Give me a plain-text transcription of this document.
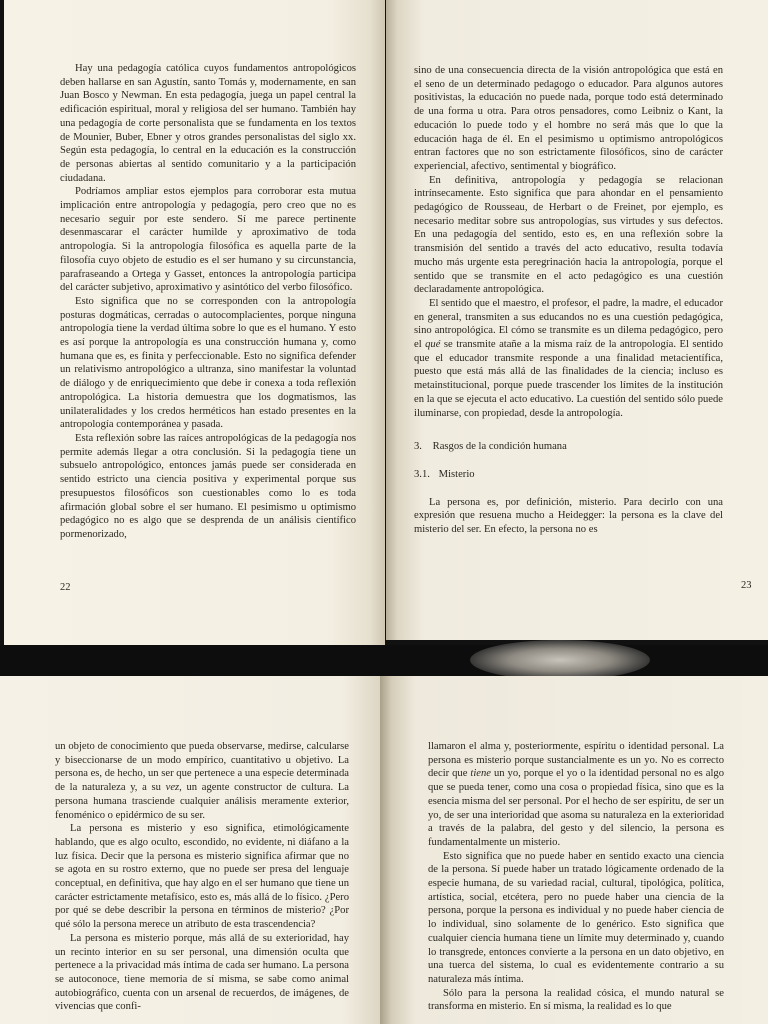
Hay una pedagogía católica cuyos fundamentos antropológicos deben hallarse en san Agustín, santo Tomás y, modernamente, en san Juan Bosco y Newman. En esta pedagogía, juega un papel central la edificación espiritual, moral y religiosa del ser humano. También hay una pedagogía de corte personalista que se fundamenta en los textos de Mounier, Buber, Ebner y otros grandes personalistas del siglo xx. Según esta pedagogía, lo central en la educación es la construcción de personas abiertas al sentido comunitario y a la participación ciudadana.

Podríamos ampliar estos ejemplos para corroborar esta mutua implicación entre antropología y pedagogía, pero creo que no es necesario seguir por este sendero. Sí me parece pertinente desenmascarar el carácter humilde y aproximativo de toda antropología. Si la antropología filosófica es aquella parte de la filosofía cuyo objeto de estudio es el ser humano y su circunstancia, parafraseando a Ortega y Gasset, entonces la antropología participa del carácter subjetivo, aproximativo y asintótico del verbo filosófico.

Esto significa que no se corresponden con la antropología posturas dogmáticas, cerradas o autocomplacientes, porque ninguna antropología tiene la verdad última sobre lo que es el humano. Y esto es así porque la antropología es una construcción humana y, como humana que es, es finita y perfeccionable. Esto no significa defender un relativismo antropológico a ultranza, sino manifestar la voluntad de diálogo y de enriquecimiento que debe ir conexa a toda reflexión antropológica. La historia demuestra que los dogmatismos, las unilateralidades y los credos herméticos han estado presentes en la antropología contemporánea y pasada.

Esta reflexión sobre las raíces antropológicas de la pedagogía nos permite además llegar a otra conclusión. Si la pedagogía tiene un subsuelo antropológico, entonces jamás puede ser considerada en sentido estricto una ciencia positiva y experimental porque sus presupuestos filosóficos son cuestionables como lo es toda afirmación global sobre el ser humano. El pesimismo u optimismo pedagógico no es algo que se desprenda de un análisis científico pormenorizado,

22

sino de una consecuencia directa de la visión antropológica que está en el seno de un determinado pedagogo o educador. Para algunos autores positivistas, la educación no puede nada, porque todo está determinado de una forma u otra. Para otros pensadores, como Leibniz o Kant, la educación lo puede todo y el hombre no será más que lo que la educación haga de él. En el pesimismo u optimismo antropológicos entran factores que no son estrictamente filosóficos, sino de carácter experiencial, afectivo, sentimental y biográfico.

En definitiva, antropología y pedagogía se relacionan intrínsecamente. Esto significa que para ahondar en el pensamiento pedagógico de Rousseau, de Herbart o de Freinet, por ejemplo, es necesario meditar sobre sus antropologías, sus virtudes y sus defectos. En una pedagogía del sentido, esto es, en una reflexión sobre la transmisión del sentido a través del acto educativo, resulta todavía mucho más urgente esta peregrinación hacia la antropología, porque el sentido que se transmite en el acto pedagógico es una cuestión declaradamente antropológica.

El sentido que el maestro, el profesor, el padre, la madre, el educador en general, transmiten a sus educandos no es una cuestión pedagógica, sino antropológica. El cómo se transmite es un dilema pedagógico, pero el qué se transmite atañe a la misma raíz de la antropología. El sentido que el educador transmite responde a una finalidad metacientífica, puesto que está más allá de las finalidades de la ciencia; incluso es metainstitucional, porque puede trascender los límites de la institución en la que se ejecuta el acto educativo. La cuestión del sentido sólo puede iluminarse, con propiedad, desde la antropología.

3. Rasgos de la condición humana

3.1. Misterio

La persona es, por definición, misterio. Para decirlo con una expresión que resuena mucho a Heidegger: la persona es la clave del misterio del ser. En efecto, la persona no es

23

un objeto de conocimiento que pueda observarse, medirse, calcularse y biseccionarse de un modo empírico, cuantitativo u objetivo. La persona es, de hecho, un ser que pertenece a una especie determinada de la naturaleza y, a su vez, un agente constructor de cultura. La persona humana trasciende cualquier análisis meramente exterior, fenoménico o epidérmico de su ser.

La persona es misterio y eso significa, etimológicamente hablando, que es algo oculto, escondido, no evidente, ni diáfano a la luz física. Decir que la persona es misterio significa afirmar que no se agota en su rostro externo, que no puede ser presa del lenguaje conceptual, en definitiva, que hay algo en el ser humano que tiene un carácter estrictamente metafísico, esto es, más allá de lo físico. ¿Pero por qué se debe describir la persona en términos de misterio? ¿Por qué sólo la persona merece un atributo de esta trascendencia?

La persona es misterio porque, más allá de su exterioridad, hay un recinto interior en su ser personal, una dimensión oculta que pertenece a la privacidad más íntima de cada ser humano. La persona se autoconoce, tiene memoria de sí misma, se sabe como animal autobiográfico, cuenta con un arsenal de recuerdos, de imágenes, de vivencias que confi-

llamaron el alma y, posteriormente, espíritu o identidad personal. La persona es misterio porque sustancialmente es un yo. No es correcto decir que tiene un yo, porque el yo o la identidad personal no es algo que se pueda tener, como una cosa o propiedad física, sino que es la esencia misma del ser personal. Por el hecho de ser espíritu, de ser un yo, de ser una interioridad que asoma su naturaleza en la exterioridad a través de la palabra, del gesto y del silencio, la persona es fundamentalmente un misterio.

Esto significa que no puede haber en sentido exacto una ciencia de la persona. Sí puede haber un tratado lógicamente ordenado de la especie humana, de su variedad racial, cultural, tipológica, política, artística, social, etcétera, pero no puede haber una ciencia de la persona, porque la persona es individual y no puede haber ciencia de lo individual, sino solamente de lo genérico. Esto significa que cualquier ciencia humana tiene un límite muy determinado y, cuando lo transgrede, entonces convierte a la persona en un dato objetivo, en una tuerca del sistema, lo cual es evidentemente contrario a su naturaleza más íntima.

Sólo para la persona la realidad cósica, el mundo natural se transforma en misterio. En sí misma, la realidad es lo que
